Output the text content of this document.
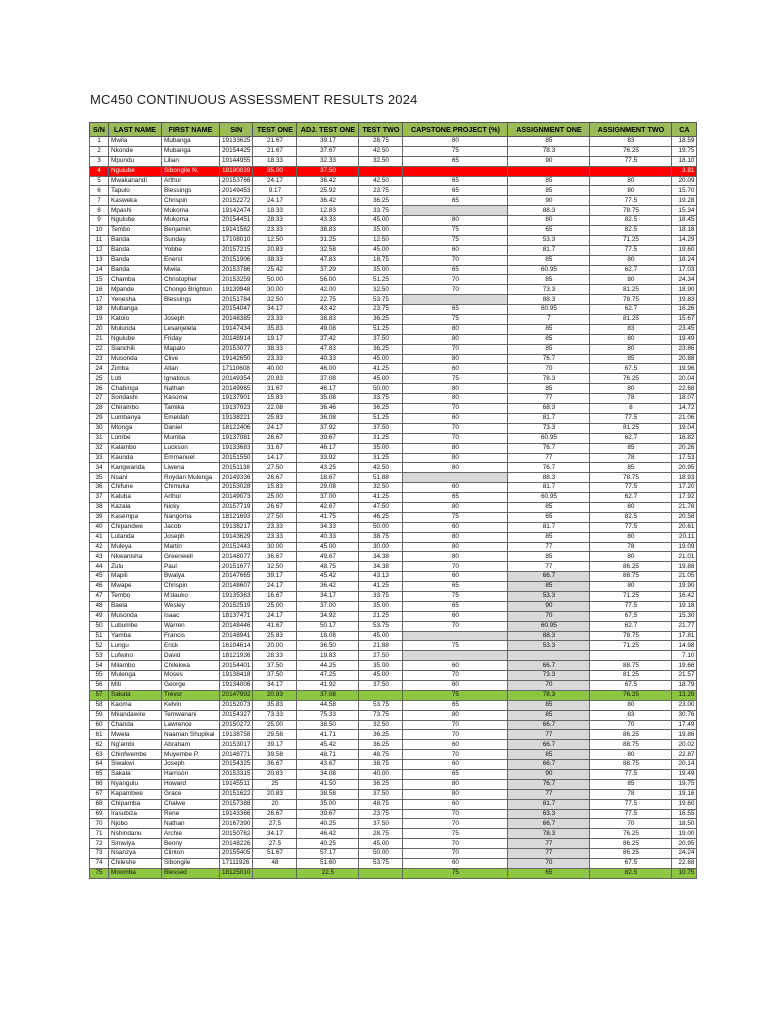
MC450 CONTINUOUS ASSESSMENT RESULTS 2024
S/N	LAST NAME	FIRST NAME	SIN	TEST ONE	ADJ. TEST ONE	TEST TWO	CAPSTONE PROJECT (%)	ASSIGNMENT ONE	ASSIGNMENT TWO	CA
1	Mwila	Mubanga	19133625	21.67	39.17	28.75	80	85	83	18.59
2	Nkonde	Mubanga	20154425	21.67	37.67	42.50	75	78.3	76.25	19.75
3	Mpundu	Lilian	19144955	18.33	32.33	32.50	65	90	77.5	18.10
4	Ngulube	Sibongile N.	18180039	35.00	37.50					3.81
5	Mwakanandi	Arthur	20153766	24.17	36.42	42.50	65	85	80	20.09
6	Tapulo	Blessings	20149453	9.17	25.92	23.75	65	85	80	15.70
7	Kasweka	Chrispin	20152272	24.17	36.42	36.25	65	90	77.5	19.28
8	Mpashi	Mukoma	19142474	18.33	12.83	33.75		88.3	78.75	15.34
9	Ngulube	Mukoma	20154451	28.33	43.33	45.00	80	80	82.5	18.45
10	Tembo	Benjamin	19141562	23.33	38.83	35.00	75	65	82.5	18.18
11	Banda	Sunday	17108010	12.50	31.25	12.50	75	53.3	71.25	14.29
12	Banda	Yobbe	20157215	20.83	32.58	45.00	60	81.7	77.5	19.60
13	Banda	Enerst	20151906	38.33	47.83	18.75	70	85	80	18.24
14	Banda	Mwila	20153786	25.42	37.29	35.00	65	60.95	62.7	17.03
15	Chamba	Christopher	20153259	50.00	56.00	51.25	70	85	80	24.34
16	Mpande	Chongo Brighton	19139948	30.00	42.00	32.50	70	73.3	81.25	18.90
17	Yenesha	Blessings	20151784	32.50	22.75	53.75		88.3	78.75	19.83
18	Mubanga		20154047	34.17	43.42	23.75	65	60.95	62.7	16.26
19	Katolo	Joseph	20148385	23.33	38.83	36.25	75	7	81.25	15.67
20	Mulunda	Lesanjelela	19147434	35.83	49.08	51.25	80	85	83	23.45
21	Ngulube	Friday	20148914	19.17	37.42	37.50	80	85	80	19.49
22	Sianchili	Mapalo	20153077	38.33	47.83	36.25	70	85	80	23.86
23	Musonda	Clive	19142650	23.33	40.33	45.00	80	76.7	85	20.88
24	Zimba	Allan	17110608	40.00	46.00	41.25	60	70	67.5	19.96
25	Loti	Ignatious	20149354	20.83	37.08	45.00	75	78.3	76.25	20.04
26	Chabinga	Nathan	20149965	31.67	46.17	50.00	80	85	80	22.68
27	Sondashi	Kasoma	19137901	15.83	35.08	33.75	80	77	78	18.07
28	Chirambo	Tamika	19137023	22.08	36.46	36.25	70	68.3	8	14.72
29	Lumbanya	Emeldah	19138221	25.83	36.08	51.25	60	81.7	77.5	21.06
30	Mtonga	Daniel	18122406	24.17	37.92	37.50	70	73.3	81.25	19.04
31	Lombe	Mumba	19137081	26.67	39.67	31.25	70	60.95	62.7	16.82
32	Kalambo	Luckson	19133683	31.67	46.17	35.00	80	76.7	85	20.26
33	Kaunda	Emmanuel	20151550	14.17	33.92	31.25	80	77	78	17.53
34	Kangwanda	Liwena	20151138	27.50	43.25	42.50	80	76.7	85	20.95
35	Nsani	Roydan Mulenga	20149336	26.67	18.67	51.88		88.3	78.75	18.93
36	Chifune	Chimuka	20153028	15.83	29.08	32.50	60	81.7	77.5	17.20
37	Kaluba	Arthur	20149073	25.00	37.00	41.25	65	60.95	62.7	17.92
38	Kazala	Nicky	20157719	26.67	42.67	47.50	80	85	80	21.78
39	Kasempa	Nangoma	18121693	27.50	41.75	46.25	75	65	82.5	20.58
40	Chipandwe	Jacob	19138217	23.33	34.33	50.00	60	81.7	77.5	20.61
41	Lutanda	Joseph	19143629	23.33	40.33	38.75	80	85	80	20.11
42	Muleya	Martin	20152443	30.00	45.00	30.00	80	77	78	19.09
43	Nkwanisha	Greenwell	20148077	36.67	49.67	34.38	80	85	80	21.01
44	Zulu	Paul	20151677	32.50	48.75	34.38	70	77	86.25	19.88
45	Mapili	Bwalya	20147665	39.17	45.42	43.13	60	66.7	88.75	21.05
46	Mwape	Chrispin	20148607	24.17	36.42	41.25	65	85	80	19.90
47	Tembo	M'dauko	19135363	16.67	34.17	33.75	75	53.3	71.25	16.42
48	Baela	Wesley	20152519	25.00	37.00	35.00	65	90	77.5	19.18
49	Musonda	Isaac	18137471	24.17	34.92	21.25	60	70	67.5	15.30
50	Lubumbe	Warren	20148446	41.67	50.17	53.75	70	60.95	62.7	21.77
51	Yamba	Francis	20148941	25.83	18.08	45.00		88.3	78.75	17.81
52	Lungu	Erick	16104614	20.00	36.50	21.88	75	53.3	71.25	14.98
53	Lufwino	David	18121936	28.33	19.83	27.50				7.10
54	Milambo	Chilekwa	20154401	37.50	44.25	35.00	60	66.7	88.75	19.66
55	Mulenga	Moses	19138418	37.50	47.25	45.00	70	73.3	81.25	21.57
56	Miti	George	19134006	34.17	41.92	37.50	60	70	67.5	18.79
57	Sakala	Trevor	20147992	20.83	37.08		75	78.3	76.25	13.29
58	Kaoma	Kelvin	20152073	35.83	44.58	53.75	65	85	80	23.00
59	Mkandawire	Temwanani	20154327	73.33	75.33	73.75	80	85	83	30.76
60	Chanda	Lawrence	20150272	25.00	38.50	32.50	70	66.7	70	17.49
61	Mwela	Naaman Shupikai	19138758	29.58	41.71	36.25	70	77	86.25	19.86
62	Ng'ambi	Abraham	20153017	39.17	45.42	36.25	60	66.7	88.75	20.02
63	Chinfwembe	Muyembe P.	20148771	39.58	48.71	48.75	70	85	80	22.87
64	Siwakwi	Joseph	20154325	36.67	43.67	38.75	60	66.7	88.75	20.14
65	Sakala	Harrison	20153315	20.83	34.08	40.00	65	90	77.5	19.49
66	Nyangulu	Howard	19145511	25	41.50	36.25	80	76.7	85	19.75
67	Kapambwe	Grace	20151622	20.83	38.58	37.50	80	77	78	19.16
68	Chipamba	Chalwe	20157388	20	35.00	48.75	60	81.7	77.5	19.60
69	Irasubiza	Rene	19143366	26.67	39.67	23.75	70	63.3	77.5	16.55
70	Njobo	Nathan	20167390	27.5	40.25	37.50	70	66.7	70	18.50
71	Nshindanu	Archie	20150762	34.17	46.42	28.75	75	78.3	76.25	19.00
72	Simwiya	Benny	20148226	27.5	40.25	45.00	70	77	86.25	20.95
73	Nsanzya	Clinton	20155405	51.67	57.17	50.00	70	77	86.25	24.24
74	Chileshe	Sibongile	17111926	48	51.60	53.75	60	70	67.5	22.68
75	Moomba	Blessed	18125010		22.5		75	65	82.5	10.75
